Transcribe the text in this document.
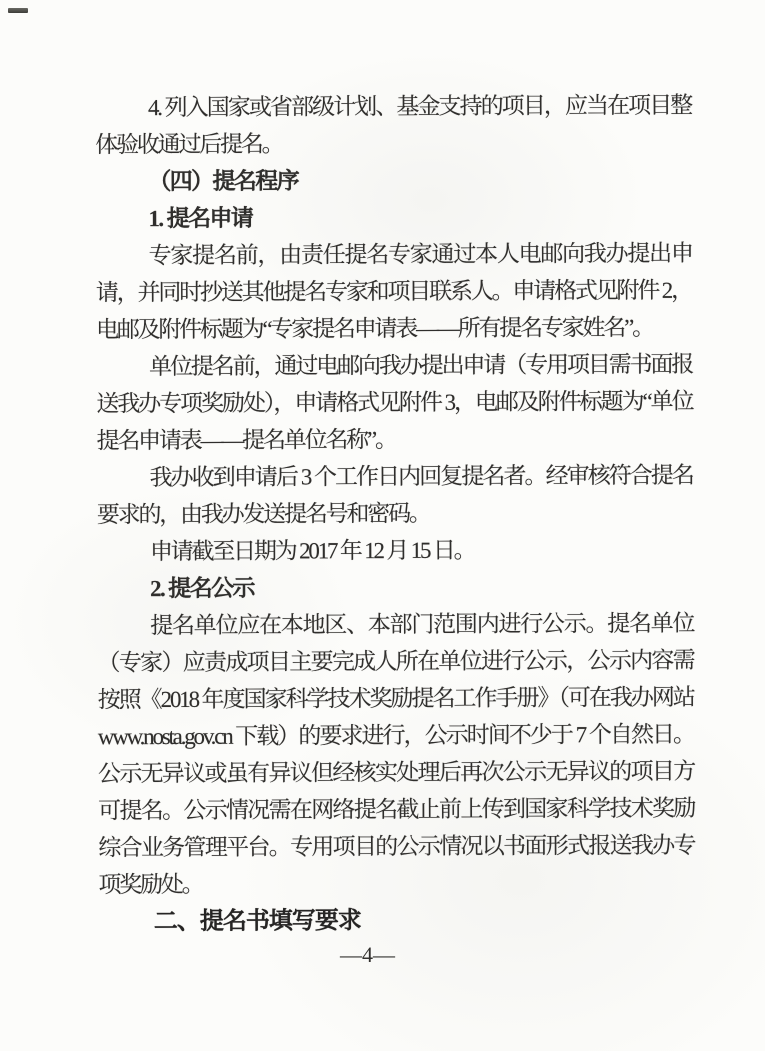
4. 列入国家或省部级计划、基金支持的项目，应当在项目整体验收通过后提名。

（四）提名程序

1. 提名申请

专家提名前，由责任提名专家通过本人电邮向我办提出申请，并同时抄送其他提名专家和项目联系人。申请格式见附件 2，电邮及附件标题为“专家提名申请表——所有提名专家姓名”。

单位提名前，通过电邮向我办提出申请（专用项目需书面报送我办专项奖励处），申请格式见附件 3，电邮及附件标题为“单位提名申请表——提名单位名称”。

我办收到申请后 3 个工作日内回复提名者。经审核符合提名要求的，由我办发送提名号和密码。

申请截至日期为 2017 年 12 月 15 日。

2. 提名公示

提名单位应在本地区、本部门范围内进行公示。提名单位（专家）应责成项目主要完成人所在单位进行公示，公示内容需按照《2018 年度国家科学技术奖励提名工作手册》（可在我办网站 www.nosta.gov.cn 下载）的要求进行，公示时间不少于 7 个自然日。公示无异议或虽有异议但经核实处理后再次公示无异议的项目方可提名。公示情况需在网络提名截止前上传到国家科学技术奖励综合业务管理平台。专用项目的公示情况以书面形式报送我办专项奖励处。

二、提名书填写要求

—4—
